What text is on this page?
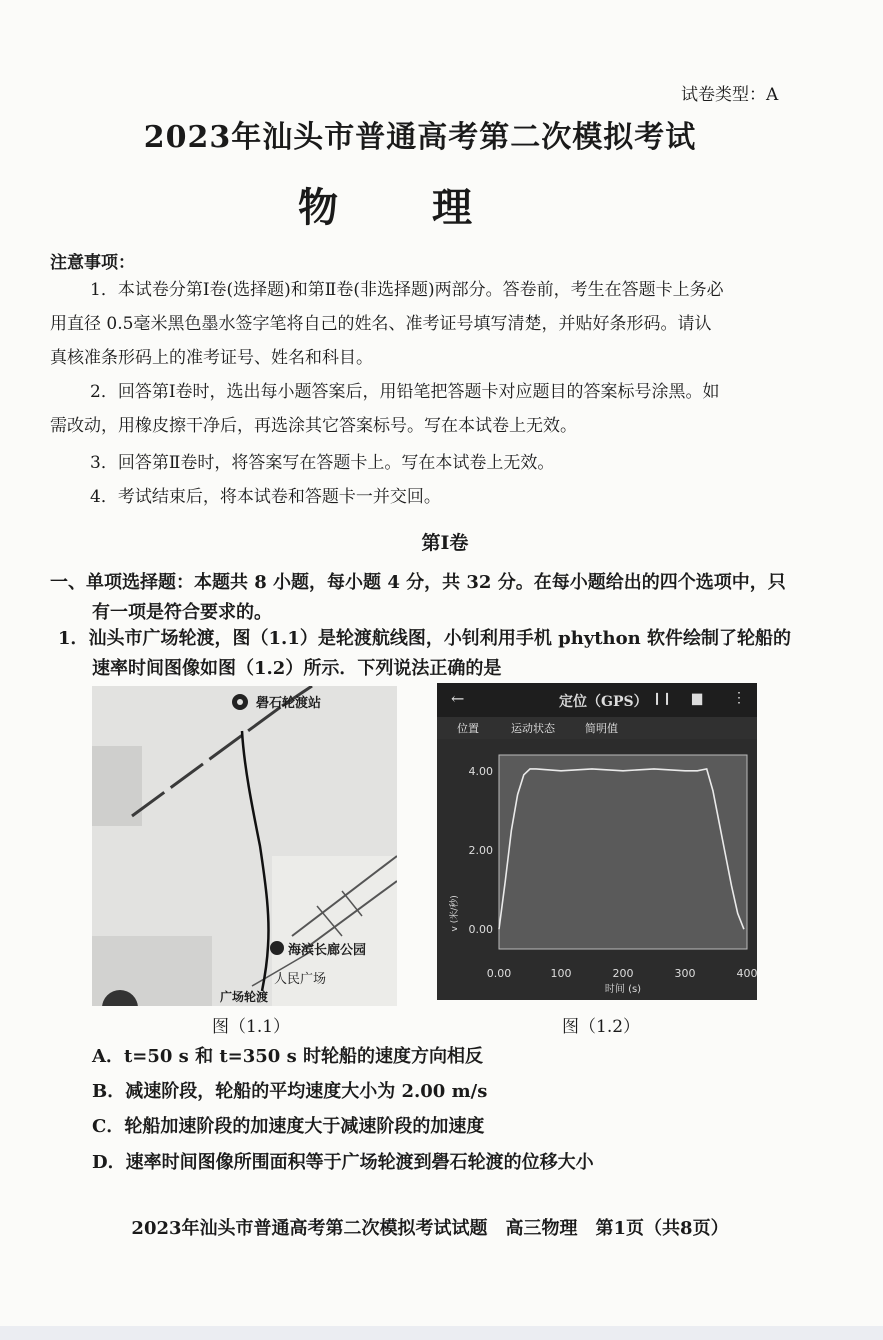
试卷类型：A
2023年汕头市普通高考第二次模拟考试
物 理
注意事项：
1．本试卷分第Ⅰ卷(选择题)和第Ⅱ卷(非选择题)两部分。答卷前，考生在答题卡上务必
用直径 0.5毫米黑色墨水签字笔将自己的姓名、准考证号填写清楚，并贴好条形码。请认
真核准条形码上的准考证号、姓名和科目。
2．回答第Ⅰ卷时，选出每小题答案后，用铅笔把答题卡对应题目的答案标号涂黑。如
需改动，用橡皮擦干净后，再选涂其它答案标号。写在本试卷上无效。
3．回答第Ⅱ卷时，将答案写在答题卡上。写在本试卷上无效。
4．考试结束后，将本试卷和答题卡一并交回。
第Ⅰ卷
一、单项选择题：本题共 8 小题，每小题 4 分，共 32 分。在每小题给出的四个选项中，只
有一项是符合要求的。
1．汕头市广场轮渡，图（1.1）是轮渡航线图，小钊利用手机 phython 软件绘制了轮船的
速率时间图像如图（1.2）所示．下列说法正确的是
礐石轮渡站
海滨长廊公园
人民广场
广场轮渡
←	定位（GPS） ❙❙ ▆ ⋮
位置	运动状态	简明值
0.00
2.00
4.00
0.00	100	200	300	400
v (米/秒)
时间 (s)
图（1.1）	图（1.2）
A．t=50 s 和 t=350 s 时轮船的速度方向相反
B．减速阶段，轮船的平均速度大小为 2.00 m/s
C．轮船加速阶段的加速度大于减速阶段的加速度
D．速率时间图像所围面积等于广场轮渡到礐石轮渡的位移大小
2023年汕头市普通高考第二次模拟考试试题　高三物理　第1页（共8页）
